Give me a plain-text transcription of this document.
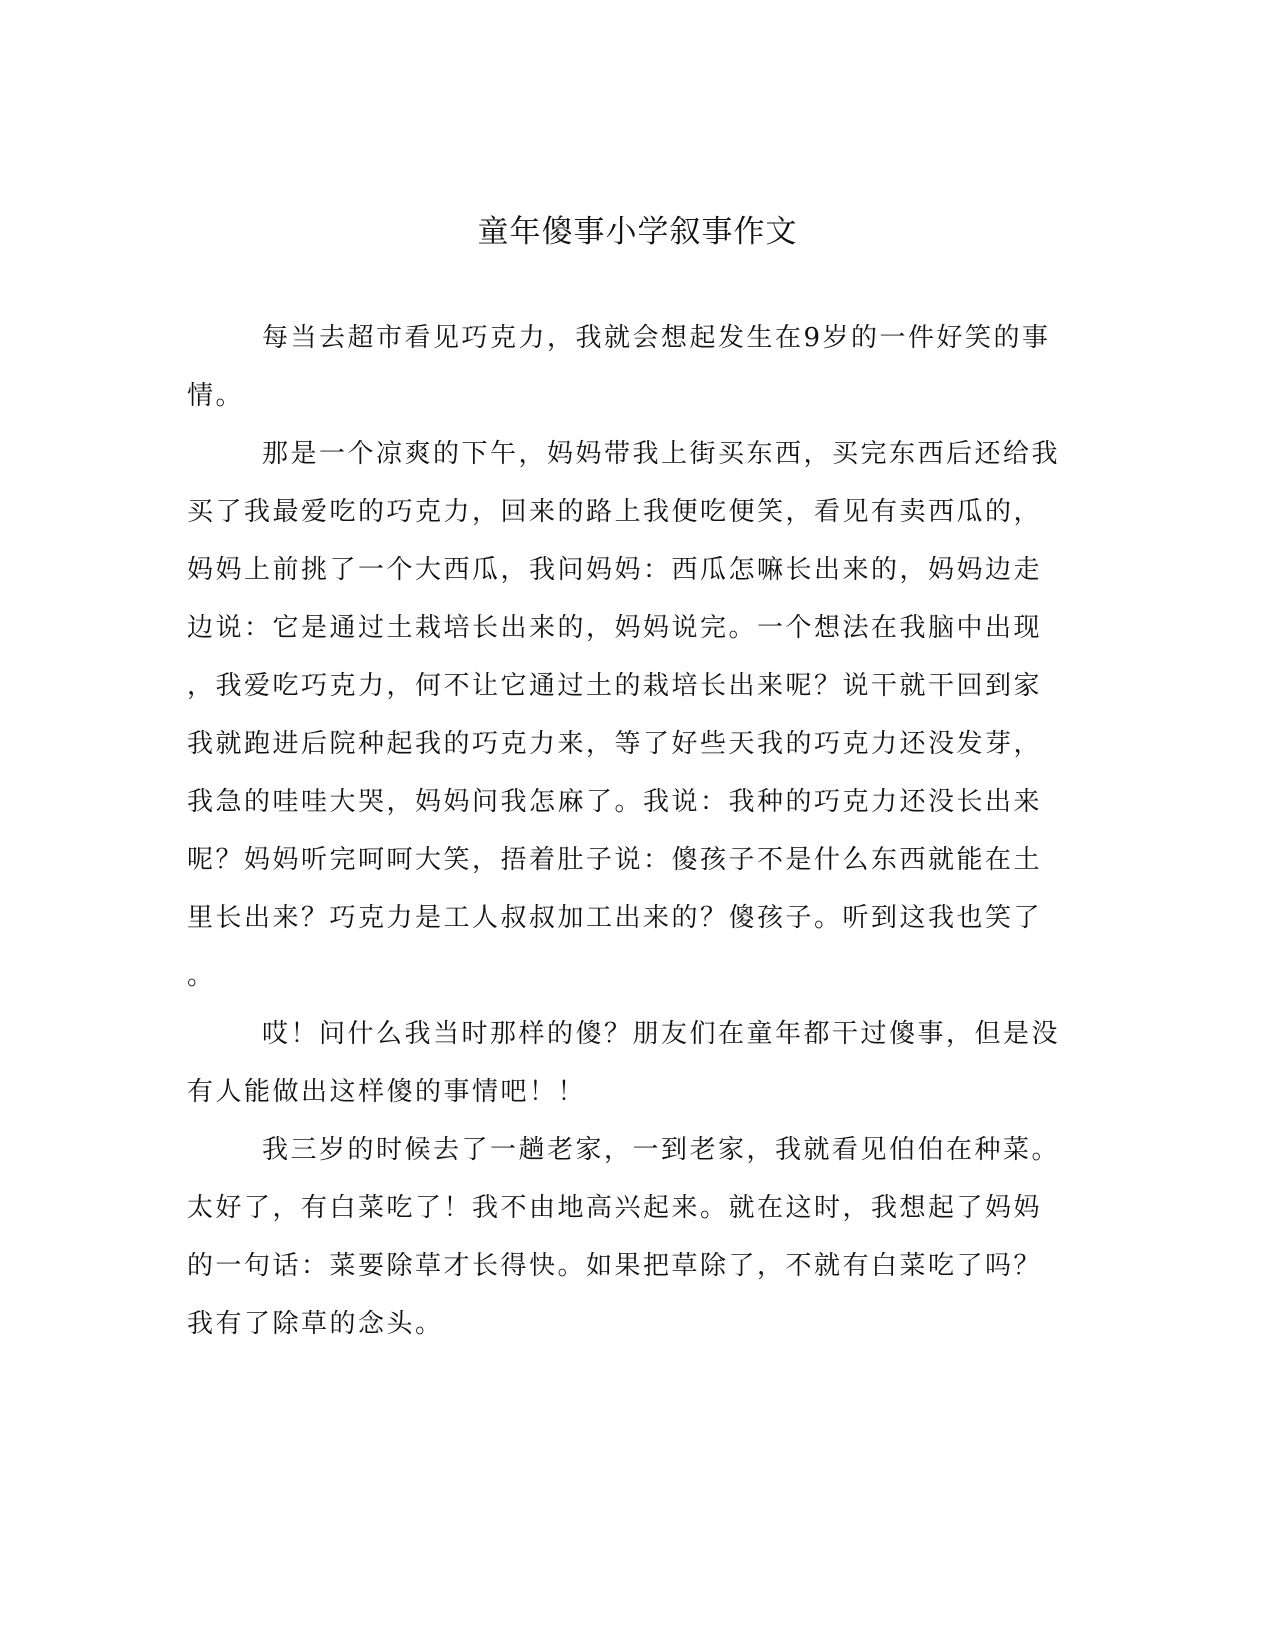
童年傻事小学叙事作文
每当去超市看见巧克力，我就会想起发生在9岁的一件好笑的事
情。
那是一个凉爽的下午，妈妈带我上街买东西，买完东西后还给我
买了我最爱吃的巧克力，回来的路上我便吃便笑，看见有卖西瓜的，
妈妈上前挑了一个大西瓜，我问妈妈：西瓜怎嘛长出来的，妈妈边走
边说：它是通过土栽培长出来的，妈妈说完。一个想法在我脑中出现
，我爱吃巧克力，何不让它通过土的栽培长出来呢？说干就干回到家
我就跑进后院种起我的巧克力来，等了好些天我的巧克力还没发芽，
我急的哇哇大哭，妈妈问我怎麻了。我说：我种的巧克力还没长出来
呢？妈妈听完呵呵大笑，捂着肚子说：傻孩子不是什么东西就能在土
里长出来？巧克力是工人叔叔加工出来的？傻孩子。听到这我也笑了
。
哎！问什么我当时那样的傻？朋友们在童年都干过傻事，但是没
有人能做出这样傻的事情吧！！
我三岁的时候去了一趟老家，一到老家，我就看见伯伯在种菜。
太好了，有白菜吃了！我不由地高兴起来。就在这时，我想起了妈妈
的一句话：菜要除草才长得快。如果把草除了，不就有白菜吃了吗？
我有了除草的念头。
